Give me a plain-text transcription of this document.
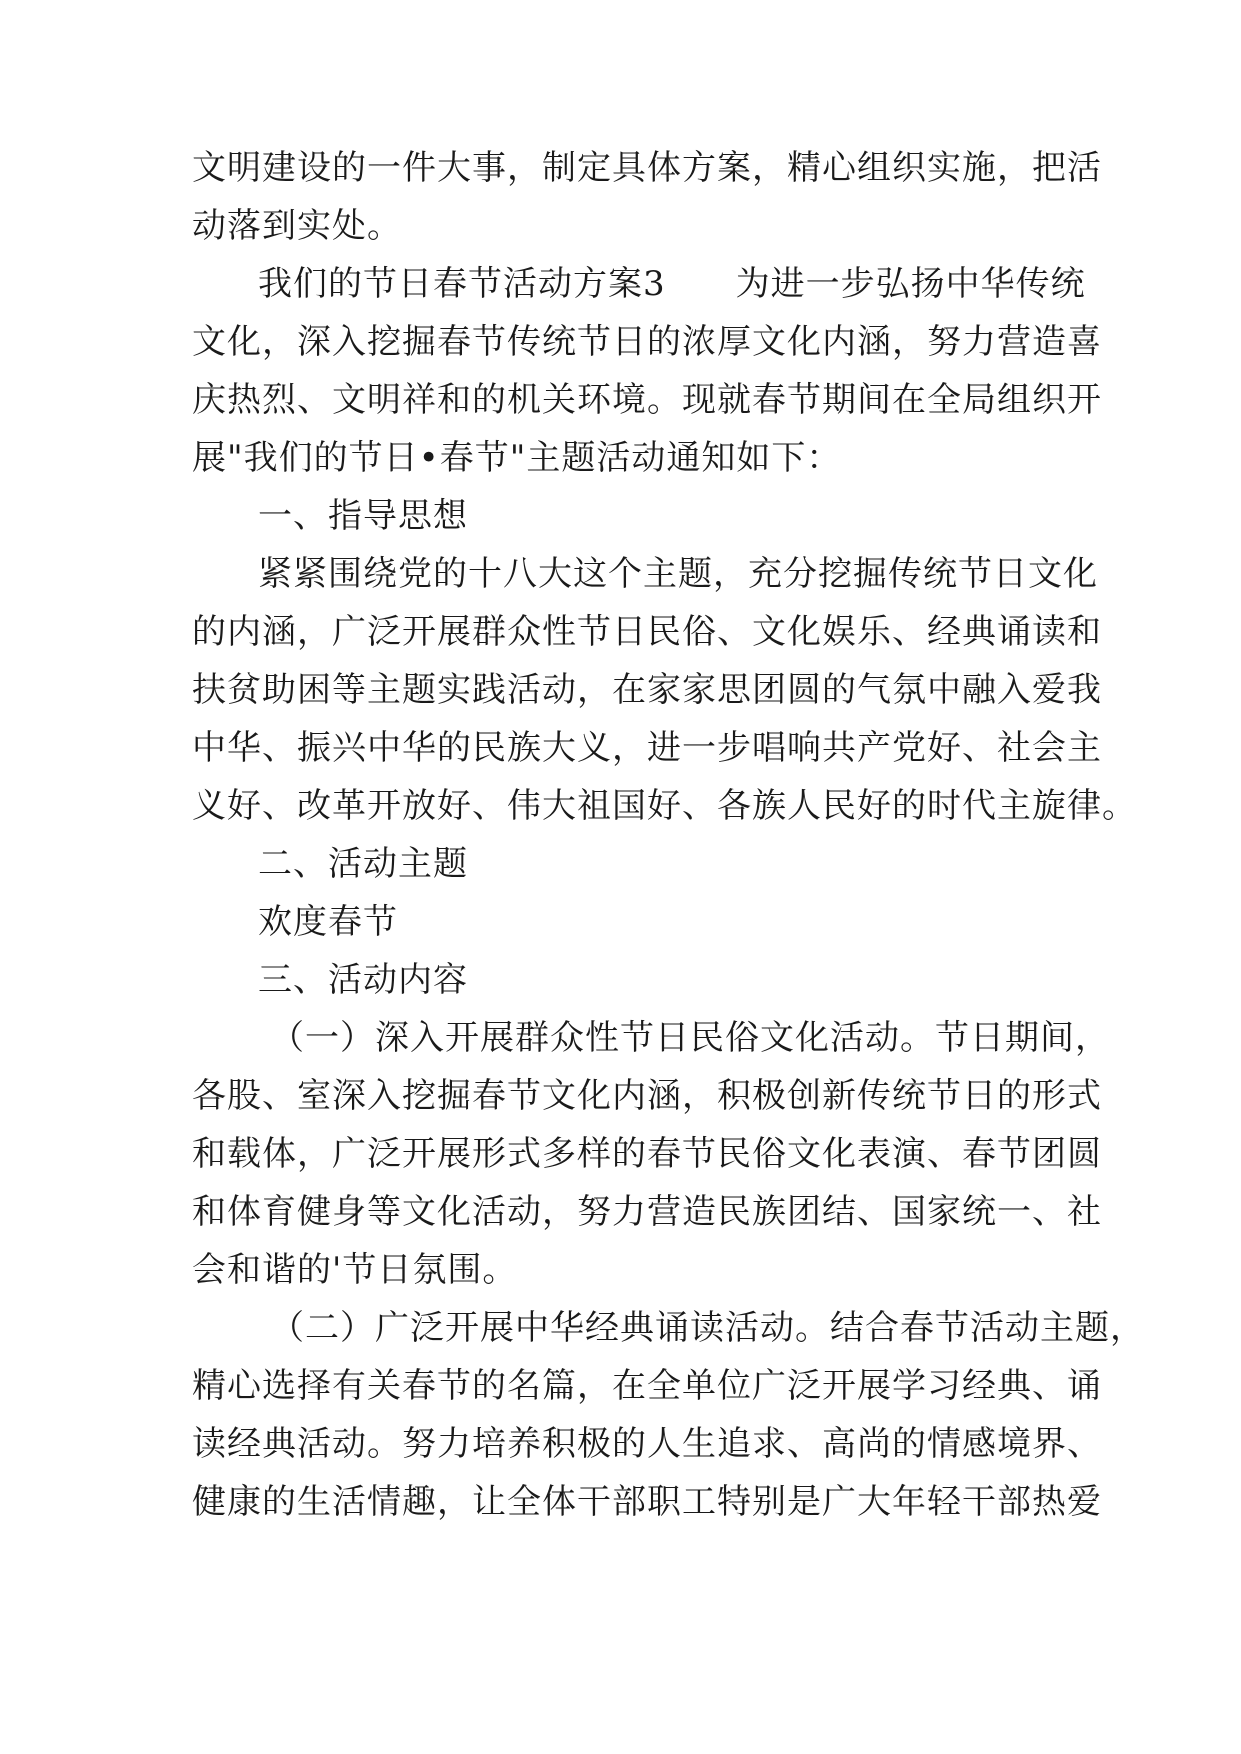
文明建设的一件大事，制定具体方案，精心组织实施，把活
动落到实处。
我们的节日春节活动方案3　　为进一步弘扬中华传统
文化，深入挖掘春节传统节日的浓厚文化内涵，努力营造喜
庆热烈、文明祥和的机关环境。现就春节期间在全局组织开
展"我们的节日•春节"主题活动通知如下：
一、指导思想
紧紧围绕党的十八大这个主题，充分挖掘传统节日文化
的内涵，广泛开展群众性节日民俗、文化娱乐、经典诵读和
扶贫助困等主题实践活动，在家家思团圆的气氛中融入爱我
中华、振兴中华的民族大义，进一步唱响共产党好、社会主
义好、改革开放好、伟大祖国好、各族人民好的时代主旋律。
二、活动主题
欢度春节
三、活动内容
（一）深入开展群众性节日民俗文化活动。节日期间，
各股、室深入挖掘春节文化内涵，积极创新传统节日的形式
和载体，广泛开展形式多样的春节民俗文化表演、春节团圆
和体育健身等文化活动，努力营造民族团结、国家统一、社
会和谐的'节日氛围。
（二）广泛开展中华经典诵读活动。结合春节活动主题，
精心选择有关春节的名篇，在全单位广泛开展学习经典、诵
读经典活动。努力培养积极的人生追求、高尚的情感境界、
健康的生活情趣，让全体干部职工特别是广大年轻干部热爱
